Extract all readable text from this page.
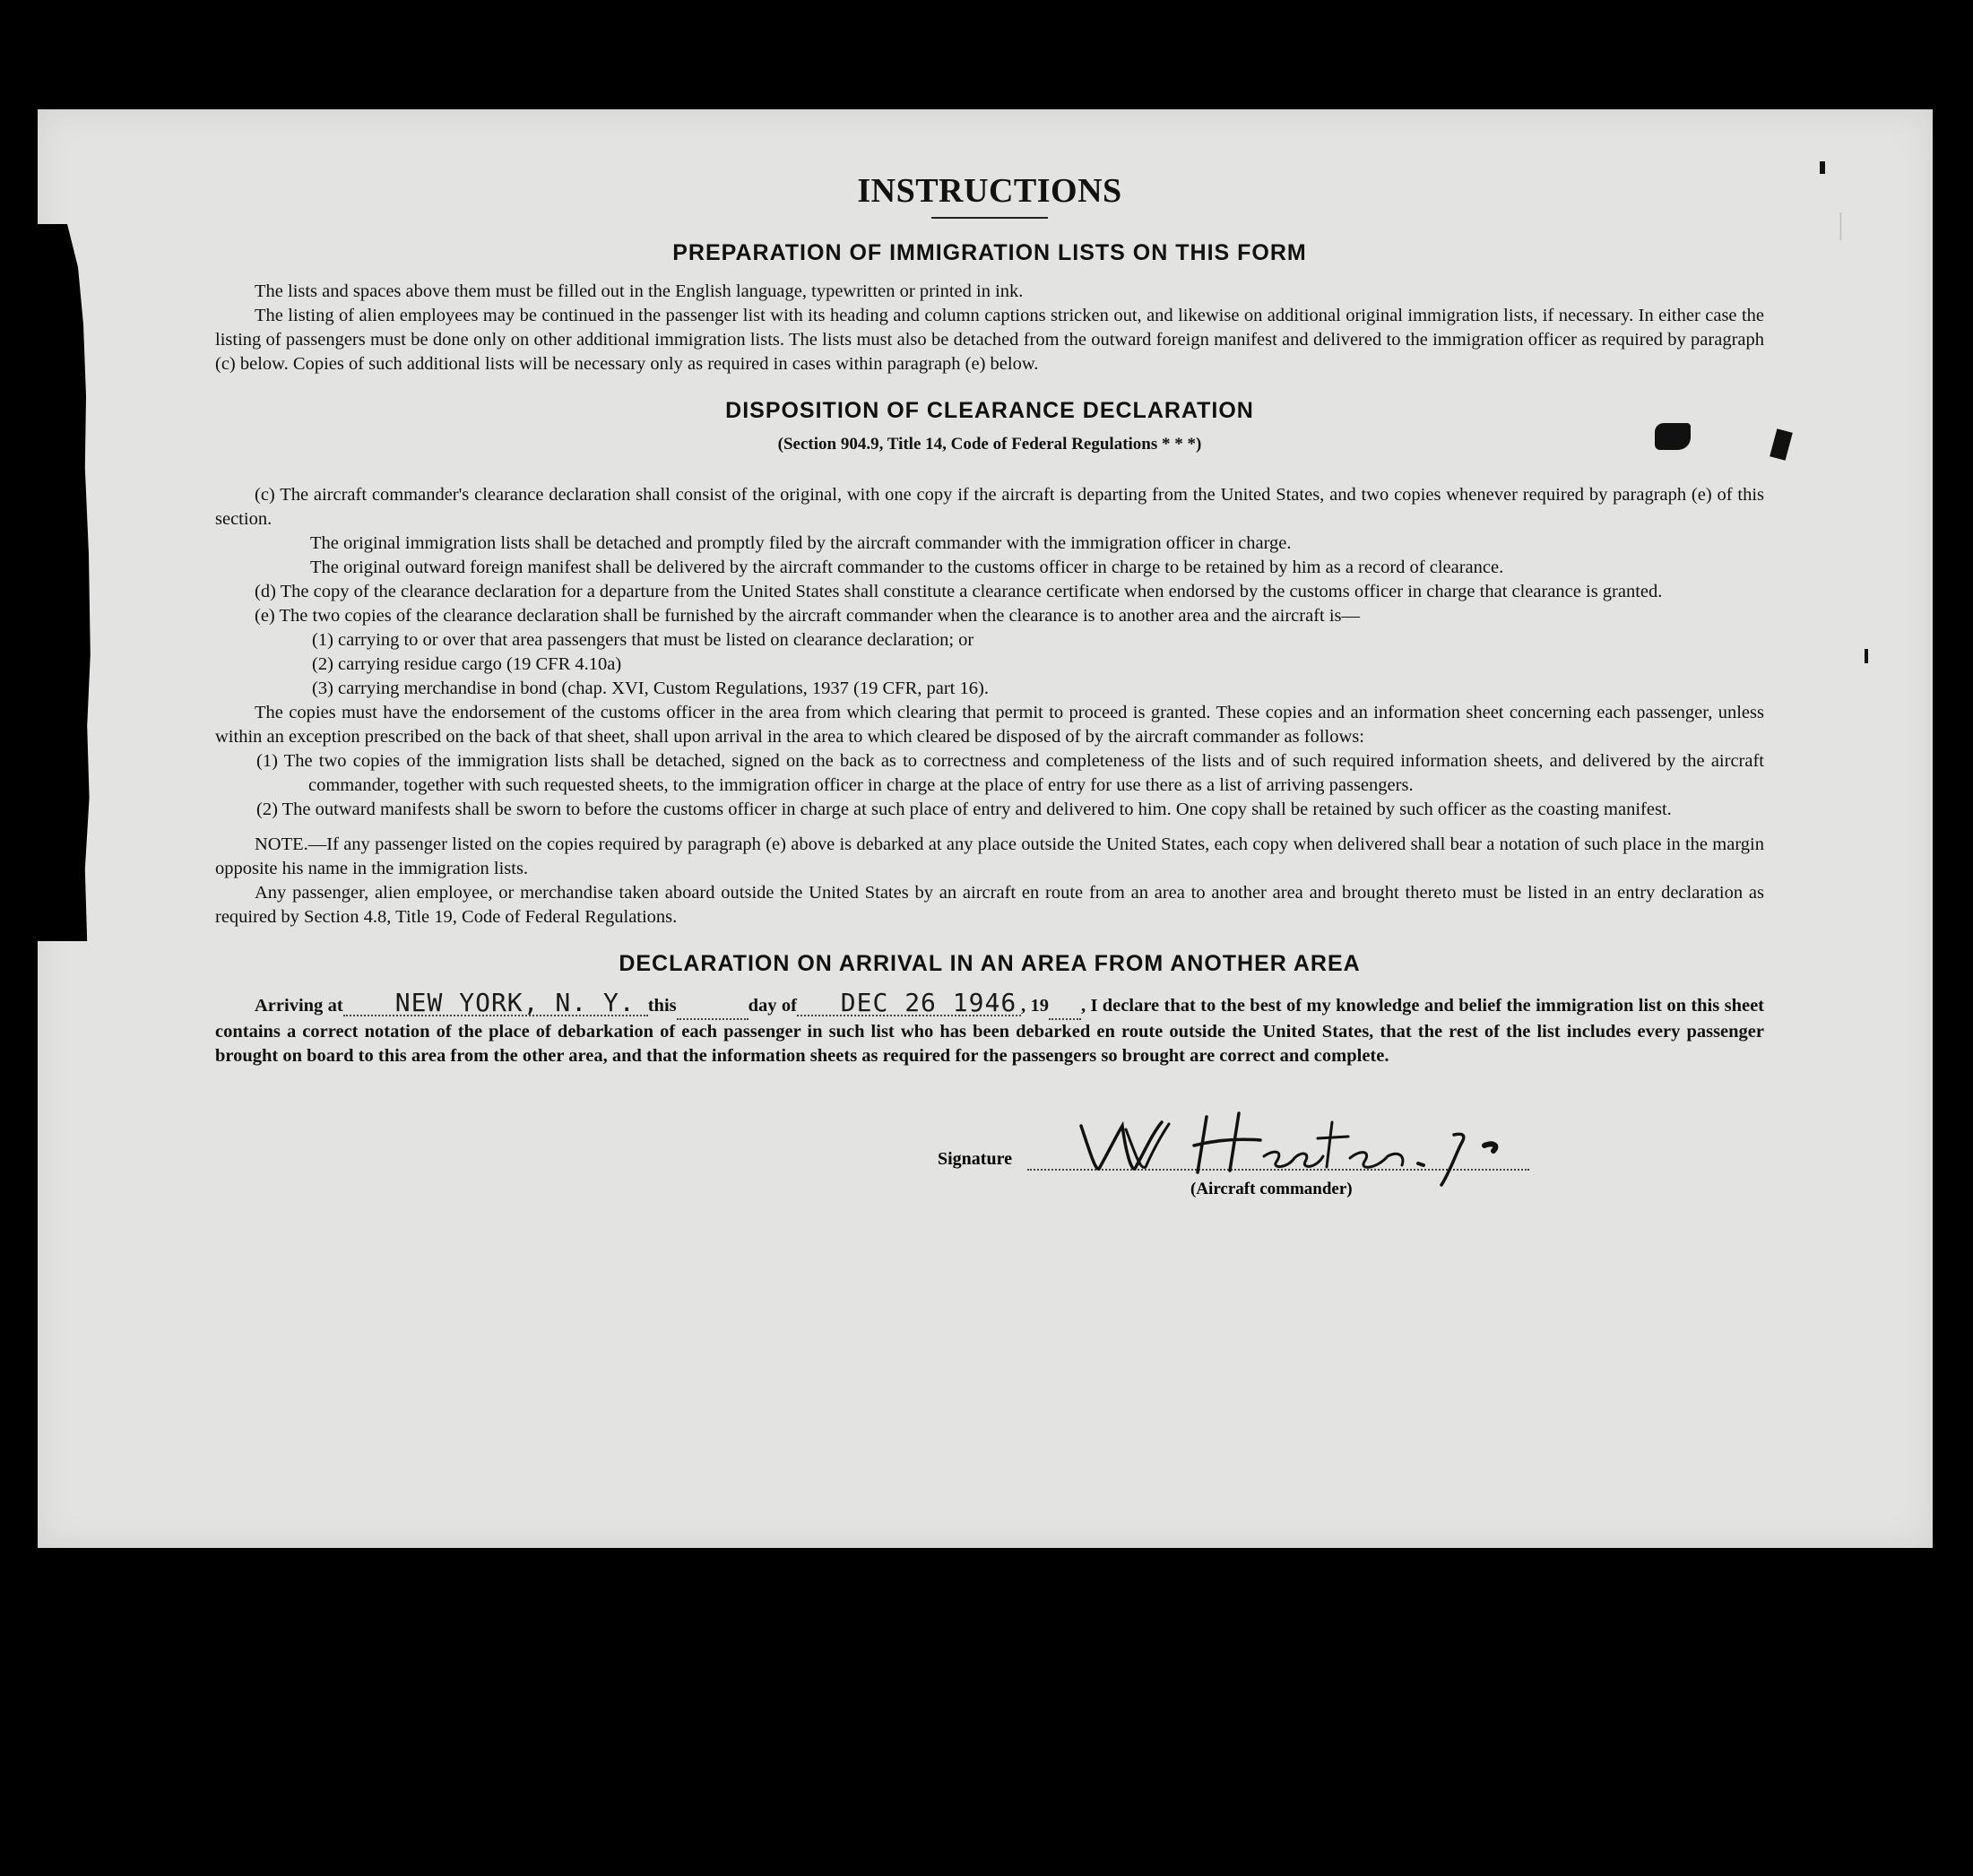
|
INSTRUCTIONS
PREPARATION OF IMMIGRATION LISTS ON THIS FORM

The lists and spaces above them must be filled out in the English language, typewritten or printed in ink.

The listing of alien employees may be continued in the passenger list with its heading and column captions stricken out, and likewise on additional original immigration lists, if necessary. In either case the listing of passengers must be done only on other additional immigration lists. The lists must also be detached from the outward foreign manifest and delivered to the immigration officer as required by paragraph (c) below. Copies of such additional lists will be necessary only as required in cases within paragraph (e) below.

DISPOSITION OF CLEARANCE DECLARATION
(Section 904.9, Title 14, Code of Federal Regulations * * *)

(c) The aircraft commander's clearance declaration shall consist of the original, with one copy if the aircraft is departing from the United States, and two copies whenever required by paragraph (e) of this section.

The original immigration lists shall be detached and promptly filed by the aircraft commander with the immigration officer in charge.

The original outward foreign manifest shall be delivered by the aircraft commander to the customs officer in charge to be retained by him as a record of clearance.

(d) The copy of the clearance declaration for a departure from the United States shall constitute a clearance certificate when endorsed by the customs officer in charge that clearance is granted.

(e) The two copies of the clearance declaration shall be furnished by the aircraft commander when the clearance is to another area and the aircraft is—

(1) carrying to or over that area passengers that must be listed on clearance declaration; or

(2) carrying residue cargo (19 CFR 4.10a)

(3) carrying merchandise in bond (chap. XVI, Custom Regulations, 1937 (19 CFR, part 16).

The copies must have the endorsement of the customs officer in the area from which clearing that permit to proceed is granted. These copies and an information sheet concerning each passenger, unless within an exception prescribed on the back of that sheet, shall upon arrival in the area to which cleared be disposed of by the aircraft commander as follows:

(1) The two copies of the immigration lists shall be detached, signed on the back as to correctness and completeness of the lists and of such required information sheets, and delivered by the aircraft commander, together with such requested sheets, to the immigration officer in charge at the place of entry for use there as a list of arriving passengers.

(2) The outward manifests shall be sworn to before the customs officer in charge at such place of entry and delivered to him. One copy shall be retained by such officer as the coasting manifest.

NOTE.—If any passenger listed on the copies required by paragraph (e) above is debarked at any place outside the United States, each copy when delivered shall bear a notation of such place in the margin opposite his name in the immigration lists.

Any passenger, alien employee, or merchandise taken aboard outside the United States by an aircraft en route from an area to another area and brought thereto must be listed in an entry declaration as required by Section 4.8, Title 19, Code of Federal Regulations.

DECLARATION ON ARRIVAL IN AN AREA FROM ANOTHER AREA

Arriving at NEW YORK, N. Y. this	day of DEC 26 1946 , 19 , I declare that to the best of my knowledge and belief the immigration list on this sheet contains a correct notation of the place of debarkation of each passenger in such list who has been debarked en route outside the United States, that the rest of the list includes every passenger brought on board to this area from the other area, and that the information sheets as required for the passengers so brought are correct and complete.

Signature
(Aircraft commander)
